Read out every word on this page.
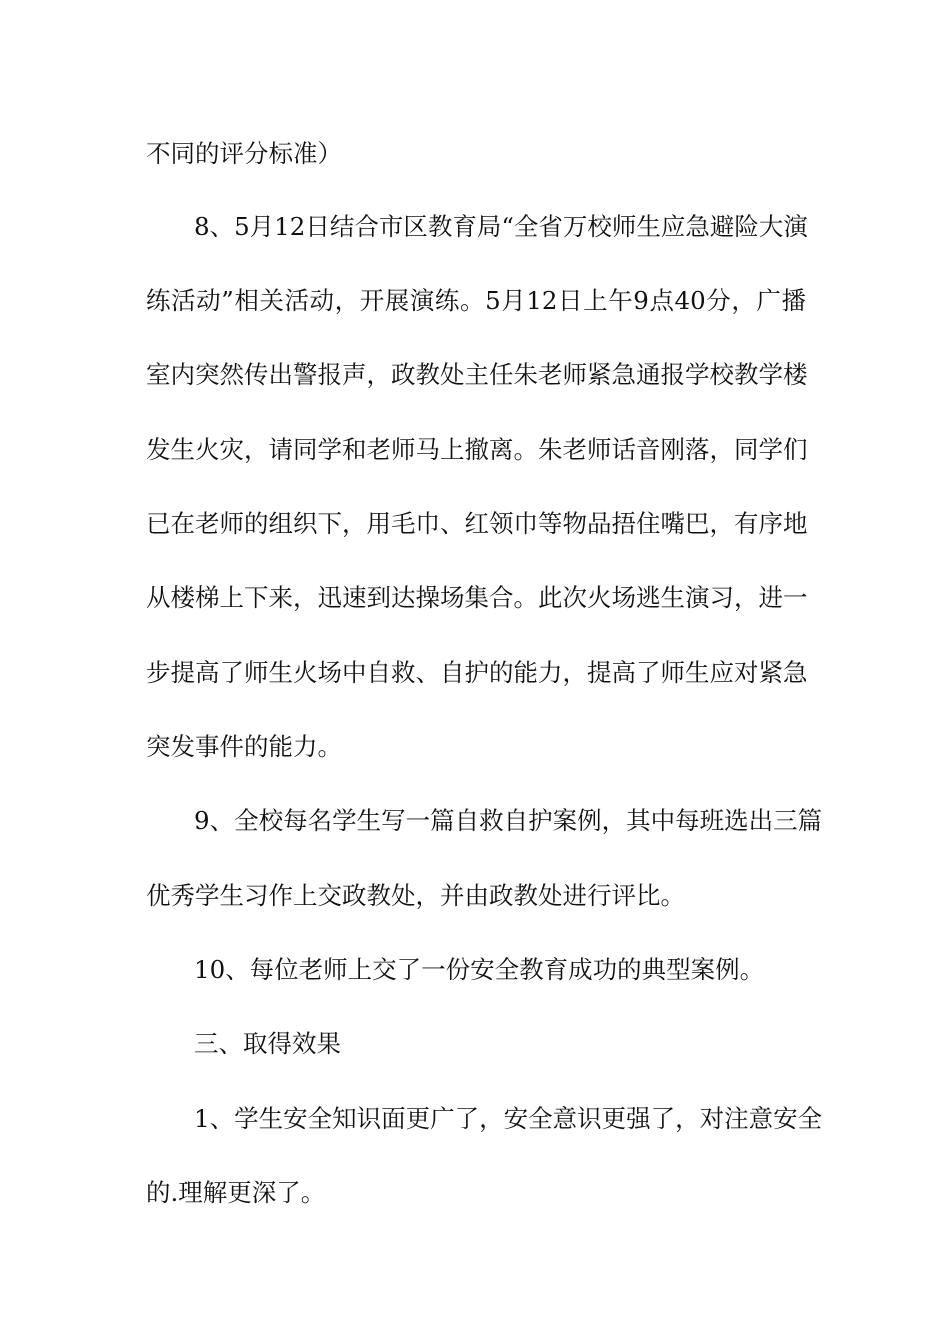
不同的评分标准）
8、5月12日结合市区教育局“全省万校师生应急避险大演
练活动”相关活动，开展演练。5月12日上午9点40分，广播
室内突然传出警报声，政教处主任朱老师紧急通报学校教学楼
发生火灾，请同学和老师马上撤离。朱老师话音刚落，同学们
已在老师的组织下，用毛巾、红领巾等物品捂住嘴巴，有序地
从楼梯上下来，迅速到达操场集合。此次火场逃生演习，进一
步提高了师生火场中自救、自护的能力，提高了师生应对紧急
突发事件的能力。
9、全校每名学生写一篇自救自护案例，其中每班选出三篇
优秀学生习作上交政教处，并由政教处进行评比。
10、每位老师上交了一份安全教育成功的典型案例。
三、取得效果
1、学生安全知识面更广了，安全意识更强了，对注意安全
的.理解更深了。
